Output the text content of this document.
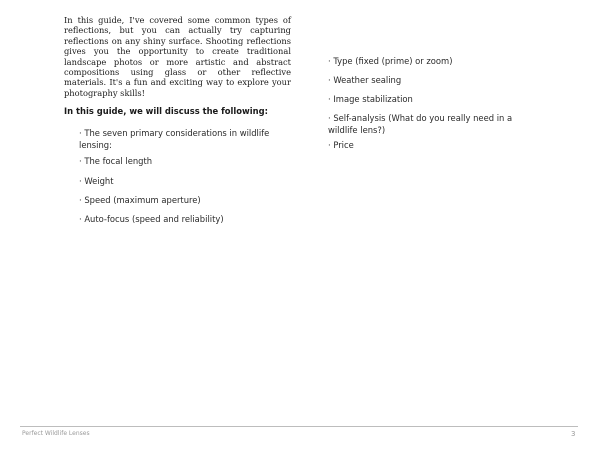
In this guide, I've covered some common types of reflections, but you can actually try capturing reflections on any shiny surface. Shooting reflections gives you the opportunity to create traditional landscape photos or more artistic and abstract compositions using glass or other reflective materials. It's a fun and exciting way to explore your photography skills!

In this guide, we will discuss the following:

· The seven primary considerations in wildlife lensing:
· The focal length
· Weight
· Speed (maximum aperture)
· Auto-focus (speed and reliability)
· Type (fixed (prime) or zoom)
· Weather sealing
· Image stabilization
· Self-analysis (What do you really need in a wildlife lens?)
· Price
Perfect Wildlife Lenses	3
